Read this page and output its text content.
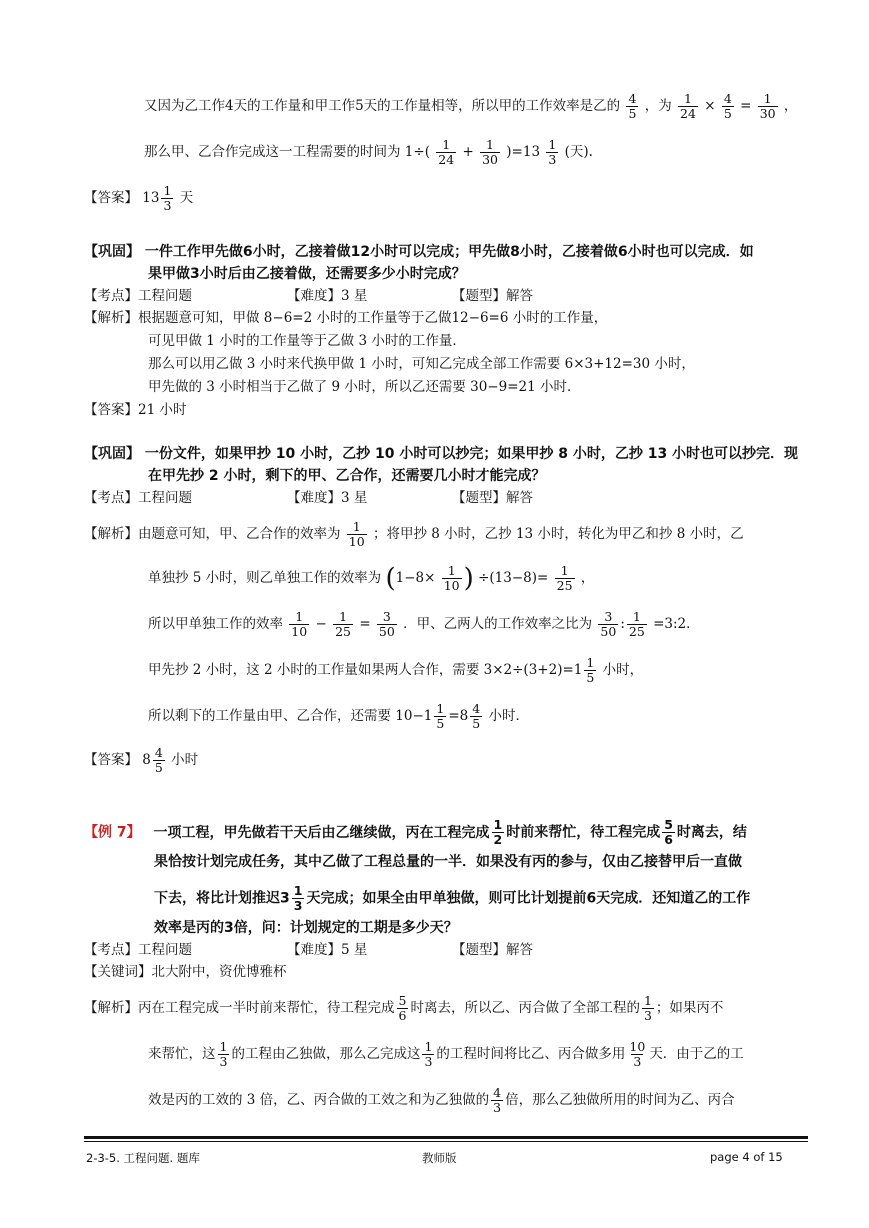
又因为乙工作4天的工作量和甲工作5天的工作量相等，所以甲的工作效率是乙的 $\frac{4}{5}$ ，为 $\frac{1}{24} \times \frac{4}{5} = \frac{1}{30}$ ，
那么甲、乙合作完成这一工程需要的时间为 $1\div( \frac{1}{24} + \frac{1}{30} )=13 \frac{1}{3}$ (天).
【答案】 $13 \frac{1}{3}$ 天
【巩固】 一件工作甲先做6小时，乙接着做12小时可以完成；甲先做8小时，乙接着做6小时也可以完成．如
果甲做3小时后由乙接着做，还需要多少小时完成？
【考点】工程问题	【难度】3 星	【题型】解答
【解析】根据题意可知，甲做 8−6=2 小时的工作量等于乙做12−6=6 小时的工作量，
可见甲做 1 小时的工作量等于乙做 3 小时的工作量．
那么可以用乙做 3 小时来代换甲做 1 小时，可知乙完成全部工作需要 6×3+12=30 小时，
甲先做的 3 小时相当于乙做了 9 小时，所以乙还需要 30−9=21 小时．
【答案】21 小时
【巩固】 一份文件，如果甲抄 10 小时，乙抄 10 小时可以抄完；如果甲抄 8 小时，乙抄 13 小时也可以抄完．现
在甲先抄 2 小时，剩下的甲、乙合作，还需要几小时才能完成？
【考点】工程问题	【难度】3 星	【题型】解答
【解析】由题意可知，甲、乙合作的效率为 $\frac{1}{10}$ ；将甲抄 8 小时，乙抄 13 小时，转化为甲乙和抄 8 小时，乙
单独抄 5 小时，则乙单独工作的效率为 ($1-8\times \frac{1}{10}$ ) $\div(13-8)= \frac{1}{25}$ ，
所以甲单独工作的效率 $\frac{1}{10} - \frac{1}{25} = \frac{3}{50}$ ．甲、乙两人的工作效率之比为 $\frac{3}{50}$ : $\frac{1}{25}$ =3:2．
甲先抄 2 小时，这 2 小时的工作量如果两人合作，需要 $3\times 2\div(3+2)=1 \frac{1}{5}$ 小时，
所以剩下的工作量由甲、乙合作，还需要 $10-1 \frac{1}{5} =8 \frac{4}{5}$ 小时．
【答案】 $8 \frac{4}{5}$ 小时
【例 7】 一项工程，甲先做若干天后由乙继续做，丙在工程完成 $\frac{1}{2}$ 时前来帮忙，待工程完成 $\frac{5}{6}$ 时离去，结
果恰按计划完成任务，其中乙做了工程总量的一半．如果没有丙的参与，仅由乙接替甲后一直做
下去，将比计划推迟$3 \frac{1}{3}$ 天完成；如果全由甲单独做，则可比计划提前6天完成．还知道乙的工作
效率是丙的3倍，问：计划规定的工期是多少天？
【考点】工程问题	【难度】5 星	【题型】解答
【关键词】北大附中，资优博雅杯
【解析】丙在工程完成一半时前来帮忙，待工程完成 $\frac{5}{6}$ 时离去，所以乙、丙合做了全部工程的 $\frac{1}{3}$ ；如果丙不
来帮忙，这 $\frac{1}{3}$ 的工程由乙独做，那么乙完成这 $\frac{1}{3}$ 的工程时间将比乙、丙合做多用 $\frac{10}{3}$ 天．由于乙的工
效是丙的工效的 3 倍，乙、丙合做的工效之和为乙独做的 $\frac{4}{3}$ 倍，那么乙独做所用的时间为乙、丙合
2-3-5. 工程问题. 题库	教师版	page 4 of 15
